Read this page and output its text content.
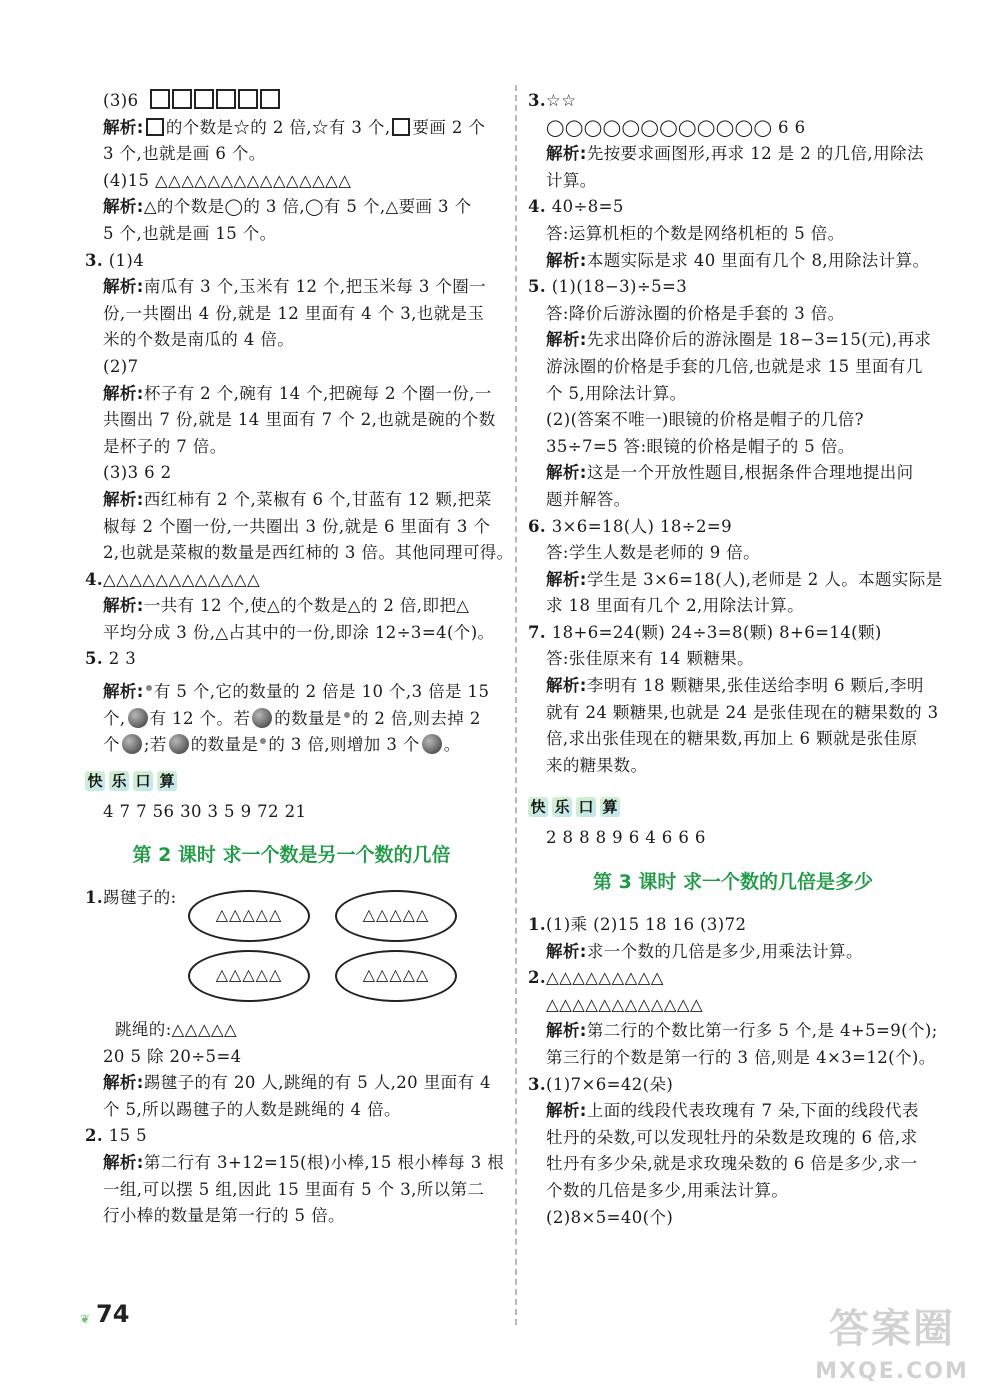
(3)6
解析: 的个数是☆的 2 倍,☆有 3 个, 要画 2 个
3 个,也就是画 6 个。
(4)15 △△△△△△△△△△△△△△△
解析:△的个数是◯的 3 倍,◯有 5 个,△要画 3 个
5 个,也就是画 15 个。
3. (1)4
解析:南瓜有 3 个,玉米有 12 个,把玉米每 3 个圈一
份,一共圈出 4 份,就是 12 里面有 4 个 3,也就是玉
米的个数是南瓜的 4 倍。
(2)7
解析:杯子有 2 个,碗有 14 个,把碗每 2 个圈一份,一
共圈出 7 份,就是 14 里面有 7 个 2,也就是碗的个数
是杯子的 7 倍。
(3)3 6 2
解析:西红柿有 2 个,菜椒有 6 个,甘蓝有 12 颗,把菜
椒每 2 个圈一份,一共圈出 3 份,就是 6 里面有 3 个
2,也就是菜椒的数量是西红柿的 3 倍。其他同理可得。
4.△△△△△△△△△△△△
解析:一共有 12 个,使△的个数是△的 2 倍,即把△
平均分成 3 份,△占其中的一份,即涂 12÷3=4(个)。
5. 2 3
解析: 有 5 个,它的数量的 2 倍是 10 个,3 倍是 15
个, 有 12 个。若 的数量是 的 2 倍,则去掉 2
个 ;若 的数量是 的 3 倍,则增加 3 个 。
快 乐 口 算
4 7 7 56 30 3 5 9 72 21
第 2 课时 求一个数是另一个数的几倍
1.踢毽子的:
△△△△△	△△△△△
△△△△△	△△△△△
跳绳的:△△△△△
20 5 除 20÷5=4
解析:踢毽子的有 20 人,跳绳的有 5 人,20 里面有 4
个 5,所以踢毽子的人数是跳绳的 4 倍。
2. 15 5
解析:第二行有 3+12=15(根)小棒,15 根小棒每 3 根
一组,可以摆 5 组,因此 15 里面有 5 个 3,所以第二
行小棒的数量是第一行的 5 倍。
3.☆☆
◯◯◯◯◯◯◯◯◯◯◯◯ 6 6
解析:先按要求画图形,再求 12 是 2 的几倍,用除法
计算。
4. 40÷8=5
答:运算机柜的个数是网络机柜的 5 倍。
解析:本题实际是求 40 里面有几个 8,用除法计算。
5. (1)(18−3)÷5=3
答:降价后游泳圈的价格是手套的 3 倍。
解析:先求出降价后的游泳圈是 18−3=15(元),再求
游泳圈的价格是手套的几倍,也就是求 15 里面有几
个 5,用除法计算。
(2)(答案不唯一)眼镜的价格是帽子的几倍?
35÷7=5 答:眼镜的价格是帽子的 5 倍。
解析:这是一个开放性题目,根据条件合理地提出问
题并解答。
6. 3×6=18(人) 18÷2=9
答:学生人数是老师的 9 倍。
解析:学生是 3×6=18(人),老师是 2 人。本题实际是
求 18 里面有几个 2,用除法计算。
7. 18+6=24(颗) 24÷3=8(颗) 8+6=14(颗)
答:张佳原来有 14 颗糖果。
解析:李明有 18 颗糖果,张佳送给李明 6 颗后,李明
就有 24 颗糖果,也就是 24 是张佳现在的糖果数的 3
倍,求出张佳现在的糖果数,再加上 6 颗就是张佳原
来的糖果数。
快 乐 口 算
2 8 8 8 9 6 4 6 6 6
第 3 课时 求一个数的几倍是多少
1.(1)乘 (2)15 18 16 (3)72
解析:求一个数的几倍是多少,用乘法计算。
2.△△△△△△△△△
△△△△△△△△△△△△
解析:第二行的个数比第一行多 5 个,是 4+5=9(个);
第三行的个数是第一行的 3 倍,则是 4×3=12(个)。
3.(1)7×6=42(朵)
解析:上面的线段代表玫瑰有 7 朵,下面的线段代表
牡丹的朵数,可以发现牡丹的朵数是玫瑰的 6 倍,求
牡丹有多少朵,就是求玫瑰朵数的 6 倍是多少,求一
个数的几倍是多少,用乘法计算。
(2)8×5=40(个)
❦ 74	答案圈
MXQE.COM
